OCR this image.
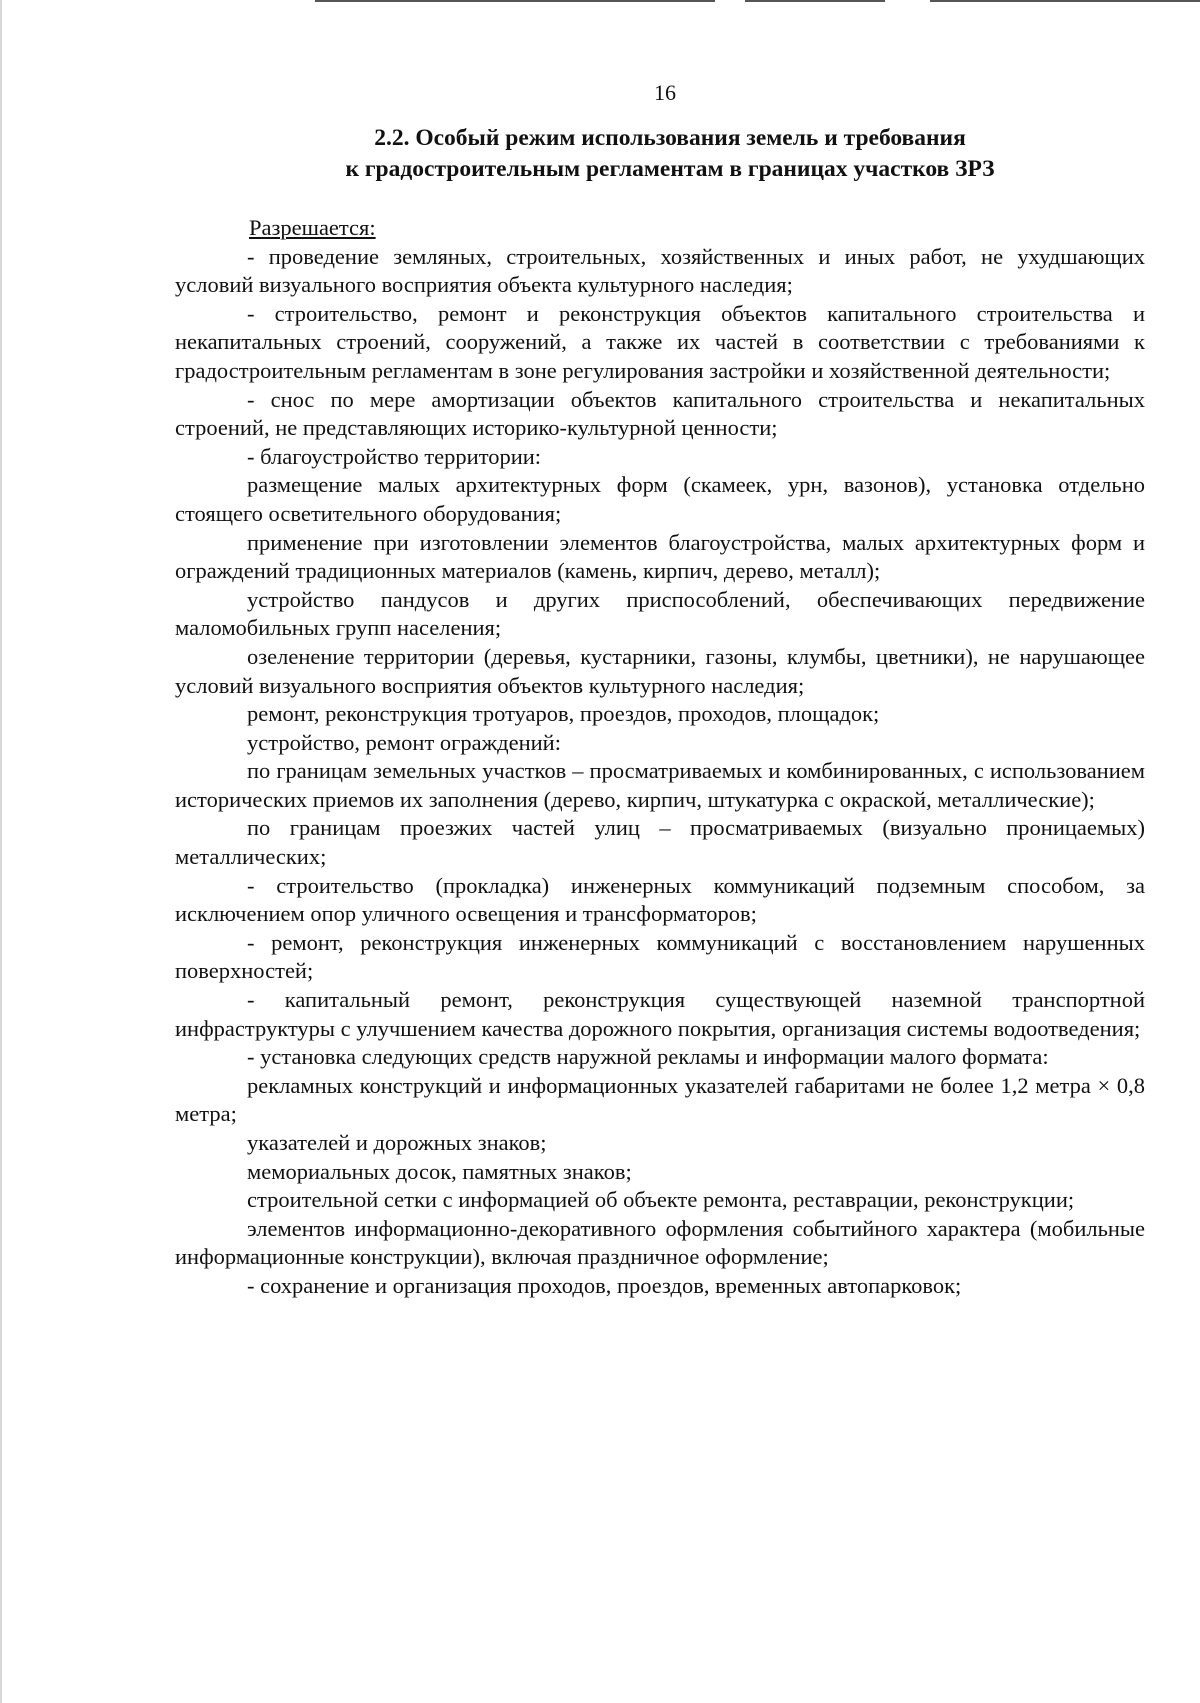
16
2.2. Особый режим использования земель и требования
к градостроительным регламентам в границах участков ЗРЗ

Разрешается:

- проведение земляных, строительных, хозяйственных и иных работ, не ухудшающих условий визуального восприятия объекта культурного наследия;

- строительство, ремонт и реконструкция объектов капитального строительства и некапитальных строений, сооружений, а также их частей в соответствии с требованиями к градостроительным регламентам в зоне регулирования застройки и хозяйственной деятельности;

- снос по мере амортизации объектов капитального строительства и некапитальных строений, не представляющих историко-культурной ценности;

- благоустройство территории:

размещение малых архитектурных форм (скамеек, урн, вазонов), установка отдельно стоящего осветительного оборудования;

применение при изготовлении элементов благоустройства, малых архитектурных форм и ограждений традиционных материалов (камень, кирпич, дерево, металл);

устройство пандусов и других приспособлений, обеспечивающих передвижение маломобильных групп населения;

озеленение территории (деревья, кустарники, газоны, клумбы, цветники), не нарушающее условий визуального восприятия объектов культурного наследия;

ремонт, реконструкция тротуаров, проездов, проходов, площадок;

устройство, ремонт ограждений:

по границам земельных участков – просматриваемых и комбинированных, с использованием исторических приемов их заполнения (дерево, кирпич, штукатурка с окраской, металлические);

по границам проезжих частей улиц – просматриваемых (визуально проницаемых) металлических;

- строительство (прокладка) инженерных коммуникаций подземным способом, за исключением опор уличного освещения и трансформаторов;

- ремонт, реконструкция инженерных коммуникаций с восстановлением нарушенных поверхностей;

- капитальный ремонт, реконструкция существующей наземной транспортной инфраструктуры с улучшением качества дорожного покрытия, организация системы водоотведения;

- установка следующих средств наружной рекламы и информации малого формата:

рекламных конструкций и информационных указателей габаритами не более 1,2 метра × 0,8 метра;

указателей и дорожных знаков;

мемориальных досок, памятных знаков;

строительной сетки с информацией об объекте ремонта, реставрации, реконструкции;

элементов информационно-декоративного оформления событийного характера (мобильные информационные конструкции), включая праздничное оформление;

- сохранение и организация проходов, проездов, временных автопарковок;
